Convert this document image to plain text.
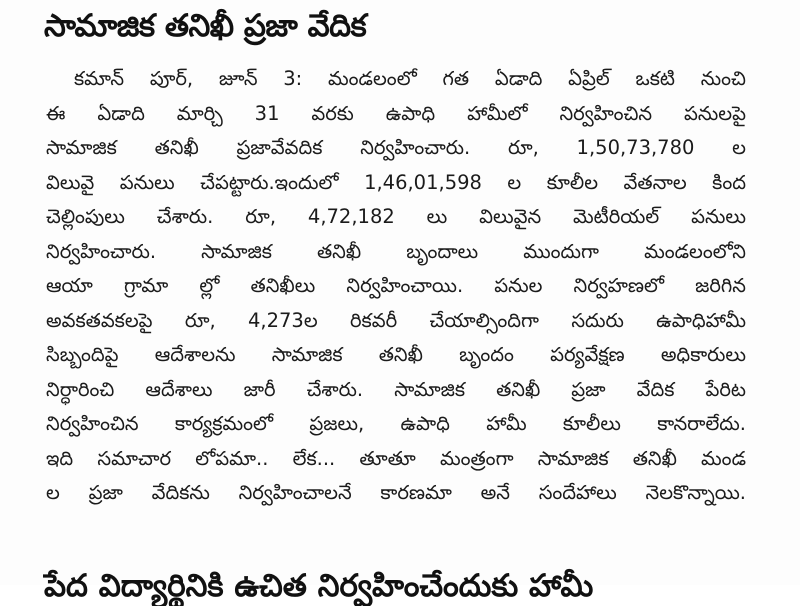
సామాజిక తనిఖీ ప్రజా వేదిక
కమాన్ పూర్, జూన్ 3: మండలంలో గత ఏడాది ఏప్రిల్ ఒకటి నుంచి
ఈ ఏడాది మార్చి 31 వరకు ఉపాధి హామీలో నిర్వహించిన పనులపై
సామాజిక తనిఖీ ప్రజావేవదిక నిర్వహించారు. రూ, 1,50,73,780 ల
విలువై పనులు చేపట్టారు.ఇందులో 1,46,01,598 ల కూలీల వేతనాల కింద
చెల్లింపులు చేశారు. రూ, 4,72,182 లు విలువైన మెటీరియల్ పనులు
నిర్వహించారు. సామాజిక తనిఖీ బృందాలు ముందుగా మండలంలోని
ఆయా గ్రామా ల్లో తనిఖీలు నిర్వహించాయి. పనుల నిర్వహణలో జరిగిన
అవకతవకలపై రూ, 4,273ల రికవరీ చేయాల్సిందిగా సదురు ఉపాధిహామీ
సిబ్బందిపై ఆదేశాలను సామాజిక తనిఖీ బృందం పర్యవేక్షణ అధికారులు
నిర్ధారించి ఆదేశాలు జారీ చేశారు. సామాజిక తనిఖీ ప్రజా వేదిక పేరిట
నిర్వహించిన కార్యక్రమంలో ప్రజలు, ఉపాధి హామీ కూలీలు కానరాలేదు.
ఇది సమాచార లోపమా.. లేక... తూతూ మంత్రంగా సామాజిక తనిఖీ మండ
ల ప్రజా వేదికను నిర్వహించాలనే కారణమా అనే సందేహాలు నెలకొన్నాయి.
పేద విద్యార్థినికి ఉచిత నిర్వహించేందుకు హామీ
